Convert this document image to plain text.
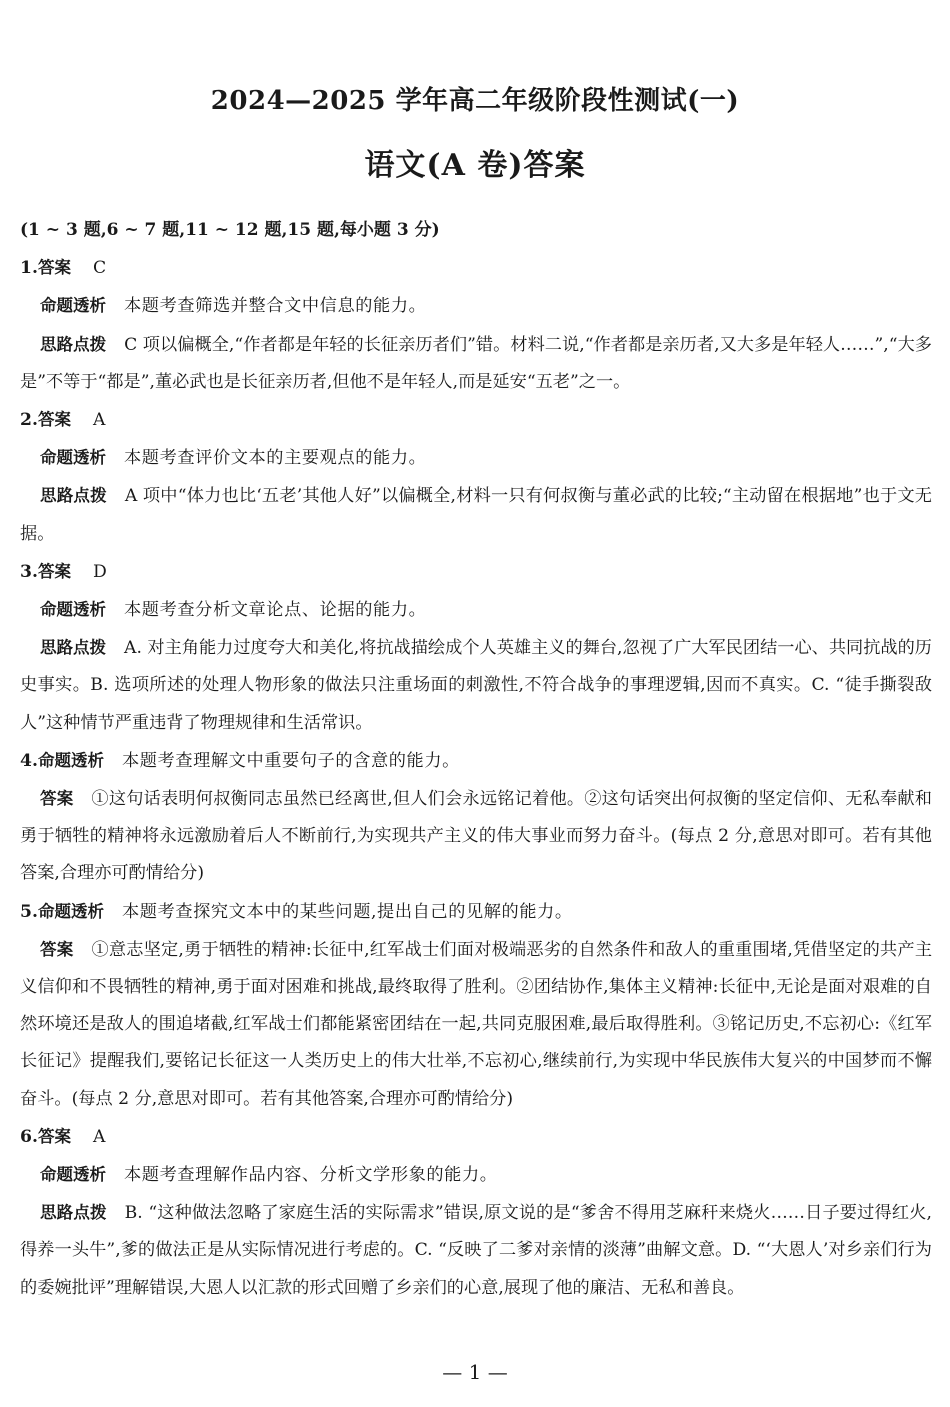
2024—2025 学年高二年级阶段性测试(一)
语文(A 卷)答案

(1 ~ 3 题,6 ~ 7 题,11 ~ 12 题,15 题,每小题 3 分)

1.答案 C

命题透析 本题考查筛选并整合文中信息的能力。

思路点拨 C 项以偏概全,“作者都是年轻的长征亲历者们”错。材料二说,“作者都是亲历者,又大多是年轻人……”,“大多是”不等于“都是”,董必武也是长征亲历者,但他不是年轻人,而是延安“五老”之一。

2.答案 A

命题透析 本题考查评价文本的主要观点的能力。

思路点拨 A 项中“体力也比‘五老’其他人好”以偏概全,材料一只有何叔衡与董必武的比较;“主动留在根据地”也于文无据。

3.答案 D

命题透析 本题考查分析文章论点、论据的能力。

思路点拨 A. 对主角能力过度夸大和美化,将抗战描绘成个人英雄主义的舞台,忽视了广大军民团结一心、共同抗战的历史事实。B. 选项所述的处理人物形象的做法只注重场面的刺激性,不符合战争的事理逻辑,因而不真实。C. “徒手撕裂敌人”这种情节严重违背了物理规律和生活常识。

4.命题透析 本题考查理解文中重要句子的含意的能力。

答案 ①这句话表明何叔衡同志虽然已经离世,但人们会永远铭记着他。②这句话突出何叔衡的坚定信仰、无私奉献和勇于牺牲的精神将永远激励着后人不断前行,为实现共产主义的伟大事业而努力奋斗。(每点 2 分,意思对即可。若有其他答案,合理亦可酌情给分)

5.命题透析 本题考查探究文本中的某些问题,提出自己的见解的能力。

答案 ①意志坚定,勇于牺牲的精神:长征中,红军战士们面对极端恶劣的自然条件和敌人的重重围堵,凭借坚定的共产主义信仰和不畏牺牲的精神,勇于面对困难和挑战,最终取得了胜利。②团结协作,集体主义精神:长征中,无论是面对艰难的自然环境还是敌人的围追堵截,红军战士们都能紧密团结在一起,共同克服困难,最后取得胜利。③铭记历史,不忘初心:《红军长征记》提醒我们,要铭记长征这一人类历史上的伟大壮举,不忘初心,继续前行,为实现中华民族伟大复兴的中国梦而不懈奋斗。(每点 2 分,意思对即可。若有其他答案,合理亦可酌情给分)

6.答案 A

命题透析 本题考查理解作品内容、分析文学形象的能力。

思路点拨 B. “这种做法忽略了家庭生活的实际需求”错误,原文说的是“爹舍不得用芝麻秆来烧火……日子要过得红火,得养一头牛”,爹的做法正是从实际情况进行考虑的。C. “反映了二爹对亲情的淡薄”曲解文意。D. “‘大恩人’对乡亲们行为的委婉批评”理解错误,大恩人以汇款的形式回赠了乡亲们的心意,展现了他的廉洁、无私和善良。

— 1 —
